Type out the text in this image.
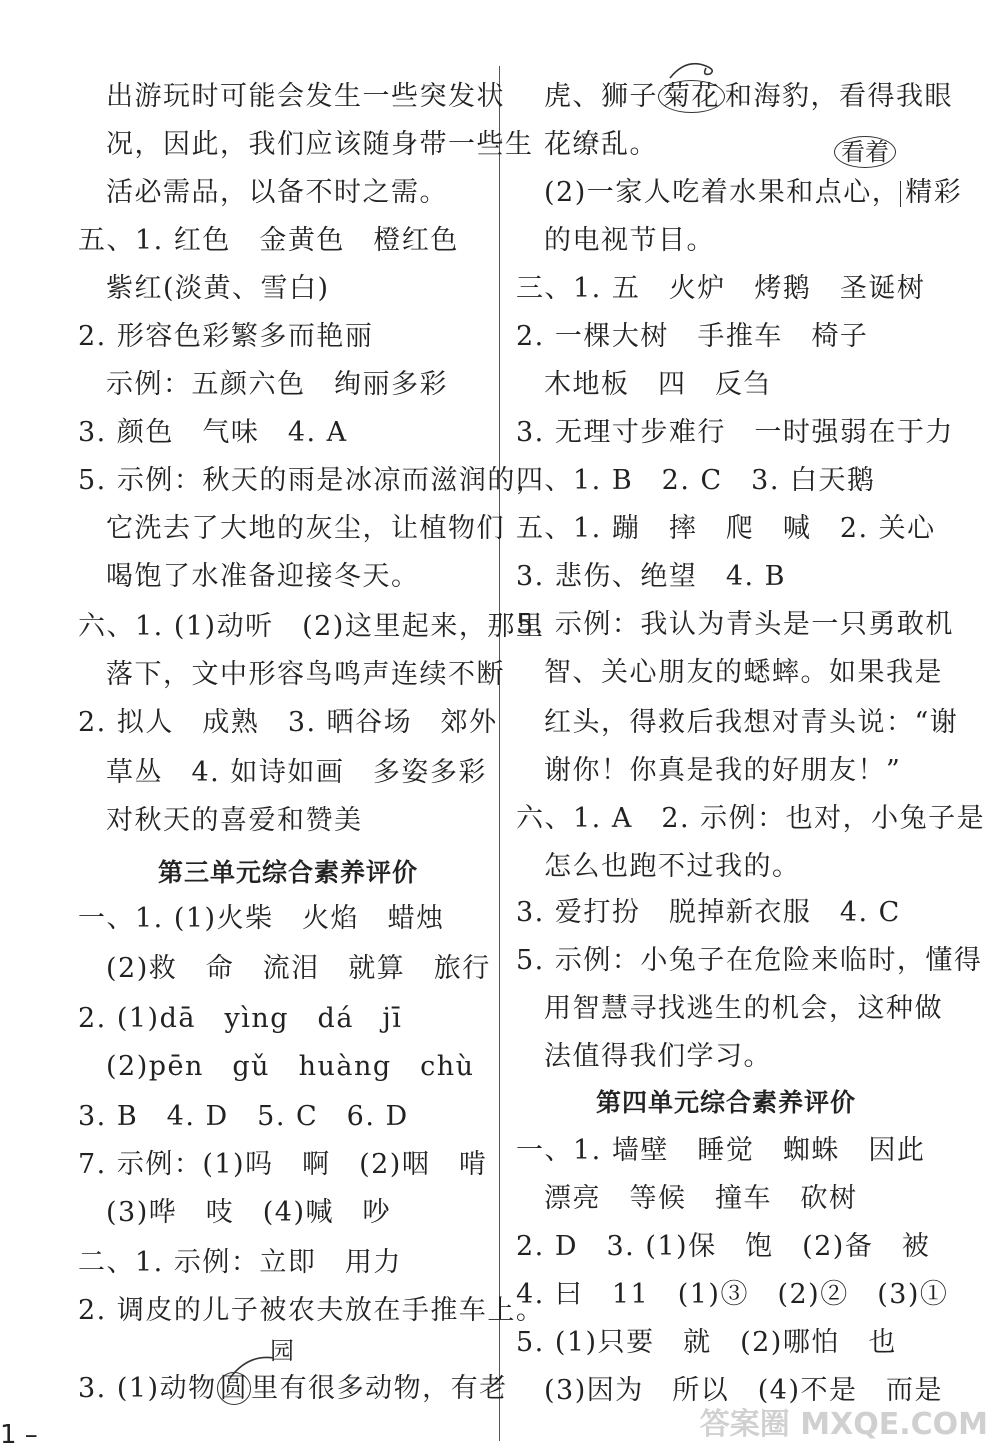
出游玩时可能会发生一些突发状
况，因此，我们应该随身带一些生
活必需品，以备不时之需。
五、1. 红色　金黄色　橙红色
紫红(淡黄、雪白)
2. 形容色彩繁多而艳丽
示例：五颜六色　绚丽多彩
3. 颜色　气味　4. A
5. 示例：秋天的雨是冰凉而滋润的，
它洗去了大地的灰尘，让植物们
喝饱了水准备迎接冬天。
六、1. (1)动听　(2)这里起来，那里
落下，文中形容鸟鸣声连续不断
2. 拟人　成熟　3. 晒谷场　郊外
草丛　4. 如诗如画　多姿多彩
对秋天的喜爱和赞美
第三单元综合素养评价
一、1. (1)火柴　火焰　蜡烛
(2)救　命　流泪　就算　旅行
2. (1)dā　yìng　dá　jī
(2)pēn　gǔ　huàng　chù
3. B　4. D　5. C　6. D
7. 示例：(1)吗　啊　(2)咽　啃
(3)哗　吱　(4)喊　吵
二、1. 示例：立即　用力
2. 调皮的儿子被农夫放在手推车上。
园
3. (1)动物 圆 里有很多动物，有老
虎、狮子 菊花 和海豹，看得我眼
花缭乱。	看着
(2)一家人吃着水果和点心， 精彩
的电视节目。
三、1. 五　火炉　烤鹅　圣诞树
2. 一棵大树　手推车　椅子
木地板　四　反刍
3. 无理寸步难行　一时强弱在于力
四、1. B　2. C　3. 白天鹅
五、1. 蹦　摔　爬　喊　2. 关心
3. 悲伤、绝望　4. B
5. 示例：我认为青头是一只勇敢机
智、关心朋友的蟋蟀。如果我是
红头，得救后我想对青头说：“谢
谢你！你真是我的好朋友！”
六、1. A　2. 示例：也对，小兔子是
怎么也跑不过我的。
3. 爱打扮　脱掉新衣服　4. C
5. 示例：小兔子在危险来临时，懂得
用智慧寻找逃生的机会，这种做
法值得我们学习。
第四单元综合素养评价
一、1. 墙壁　睡觉　蜘蛛　因此
漂亮　等候　撞车　砍树
2. D　3. (1)保　饱　(2)备　被
4. 曰　11　(1)③　(2)②　(3)①
5. (1)只要　就　(2)哪怕　也
(3)因为　所以　(4)不是　而是
1 –	答案圈 MXQE.COM
